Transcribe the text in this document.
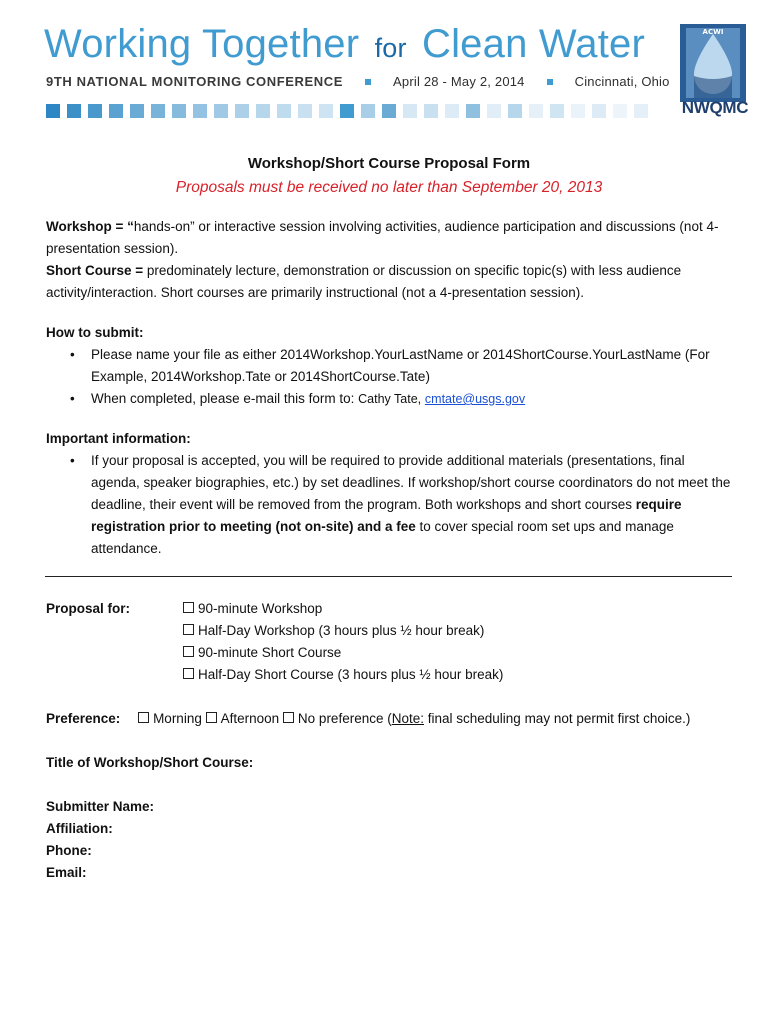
Working Together for Clean Water
9TH NATIONAL MONITORING CONFERENCE	April 28 - May 2, 2014	Cincinnati, Ohio
ACWI
NWQMC

Workshop/Short Course Proposal Form

Proposals must be received no later than September 20, 2013

Workshop = “hands-on” or interactive session involving activities, audience participation and discussions (not 4-presentation session).

Short Course = predominately lecture, demonstration or discussion on specific topic(s) with less audience activity/interaction. Short courses are primarily instructional (not a 4-presentation session).

How to submit:

• Please name your file as either 2014Workshop.YourLastName or 2014ShortCourse.YourLastName (For Example, 2014Workshop.Tate or 2014ShortCourse.Tate)
• When completed, please e-mail this form to: Cathy Tate, cmtate@usgs.gov

Important information:

• If your proposal is accepted, you will be required to provide additional materials (presentations, final agenda, speaker biographies, etc.) by set deadlines. If workshop/short course coordinators do not meet the deadline, their event will be removed from the program. Both workshops and short courses require registration prior to meeting (not on-site) and a fee to cover special room set ups and manage attendance.
Proposal for:	90-minute Workshop
Half-Day Workshop (3 hours plus ½ hour break)
90-minute Short Course
Half-Day Short Course (3 hours plus ½ hour break)
Preference: Morning Afternoon No preference (Note: final scheduling may not permit first choice.)
Title of Workshop/Short Course:
Submitter Name:
Affiliation:
Phone:
Email:
